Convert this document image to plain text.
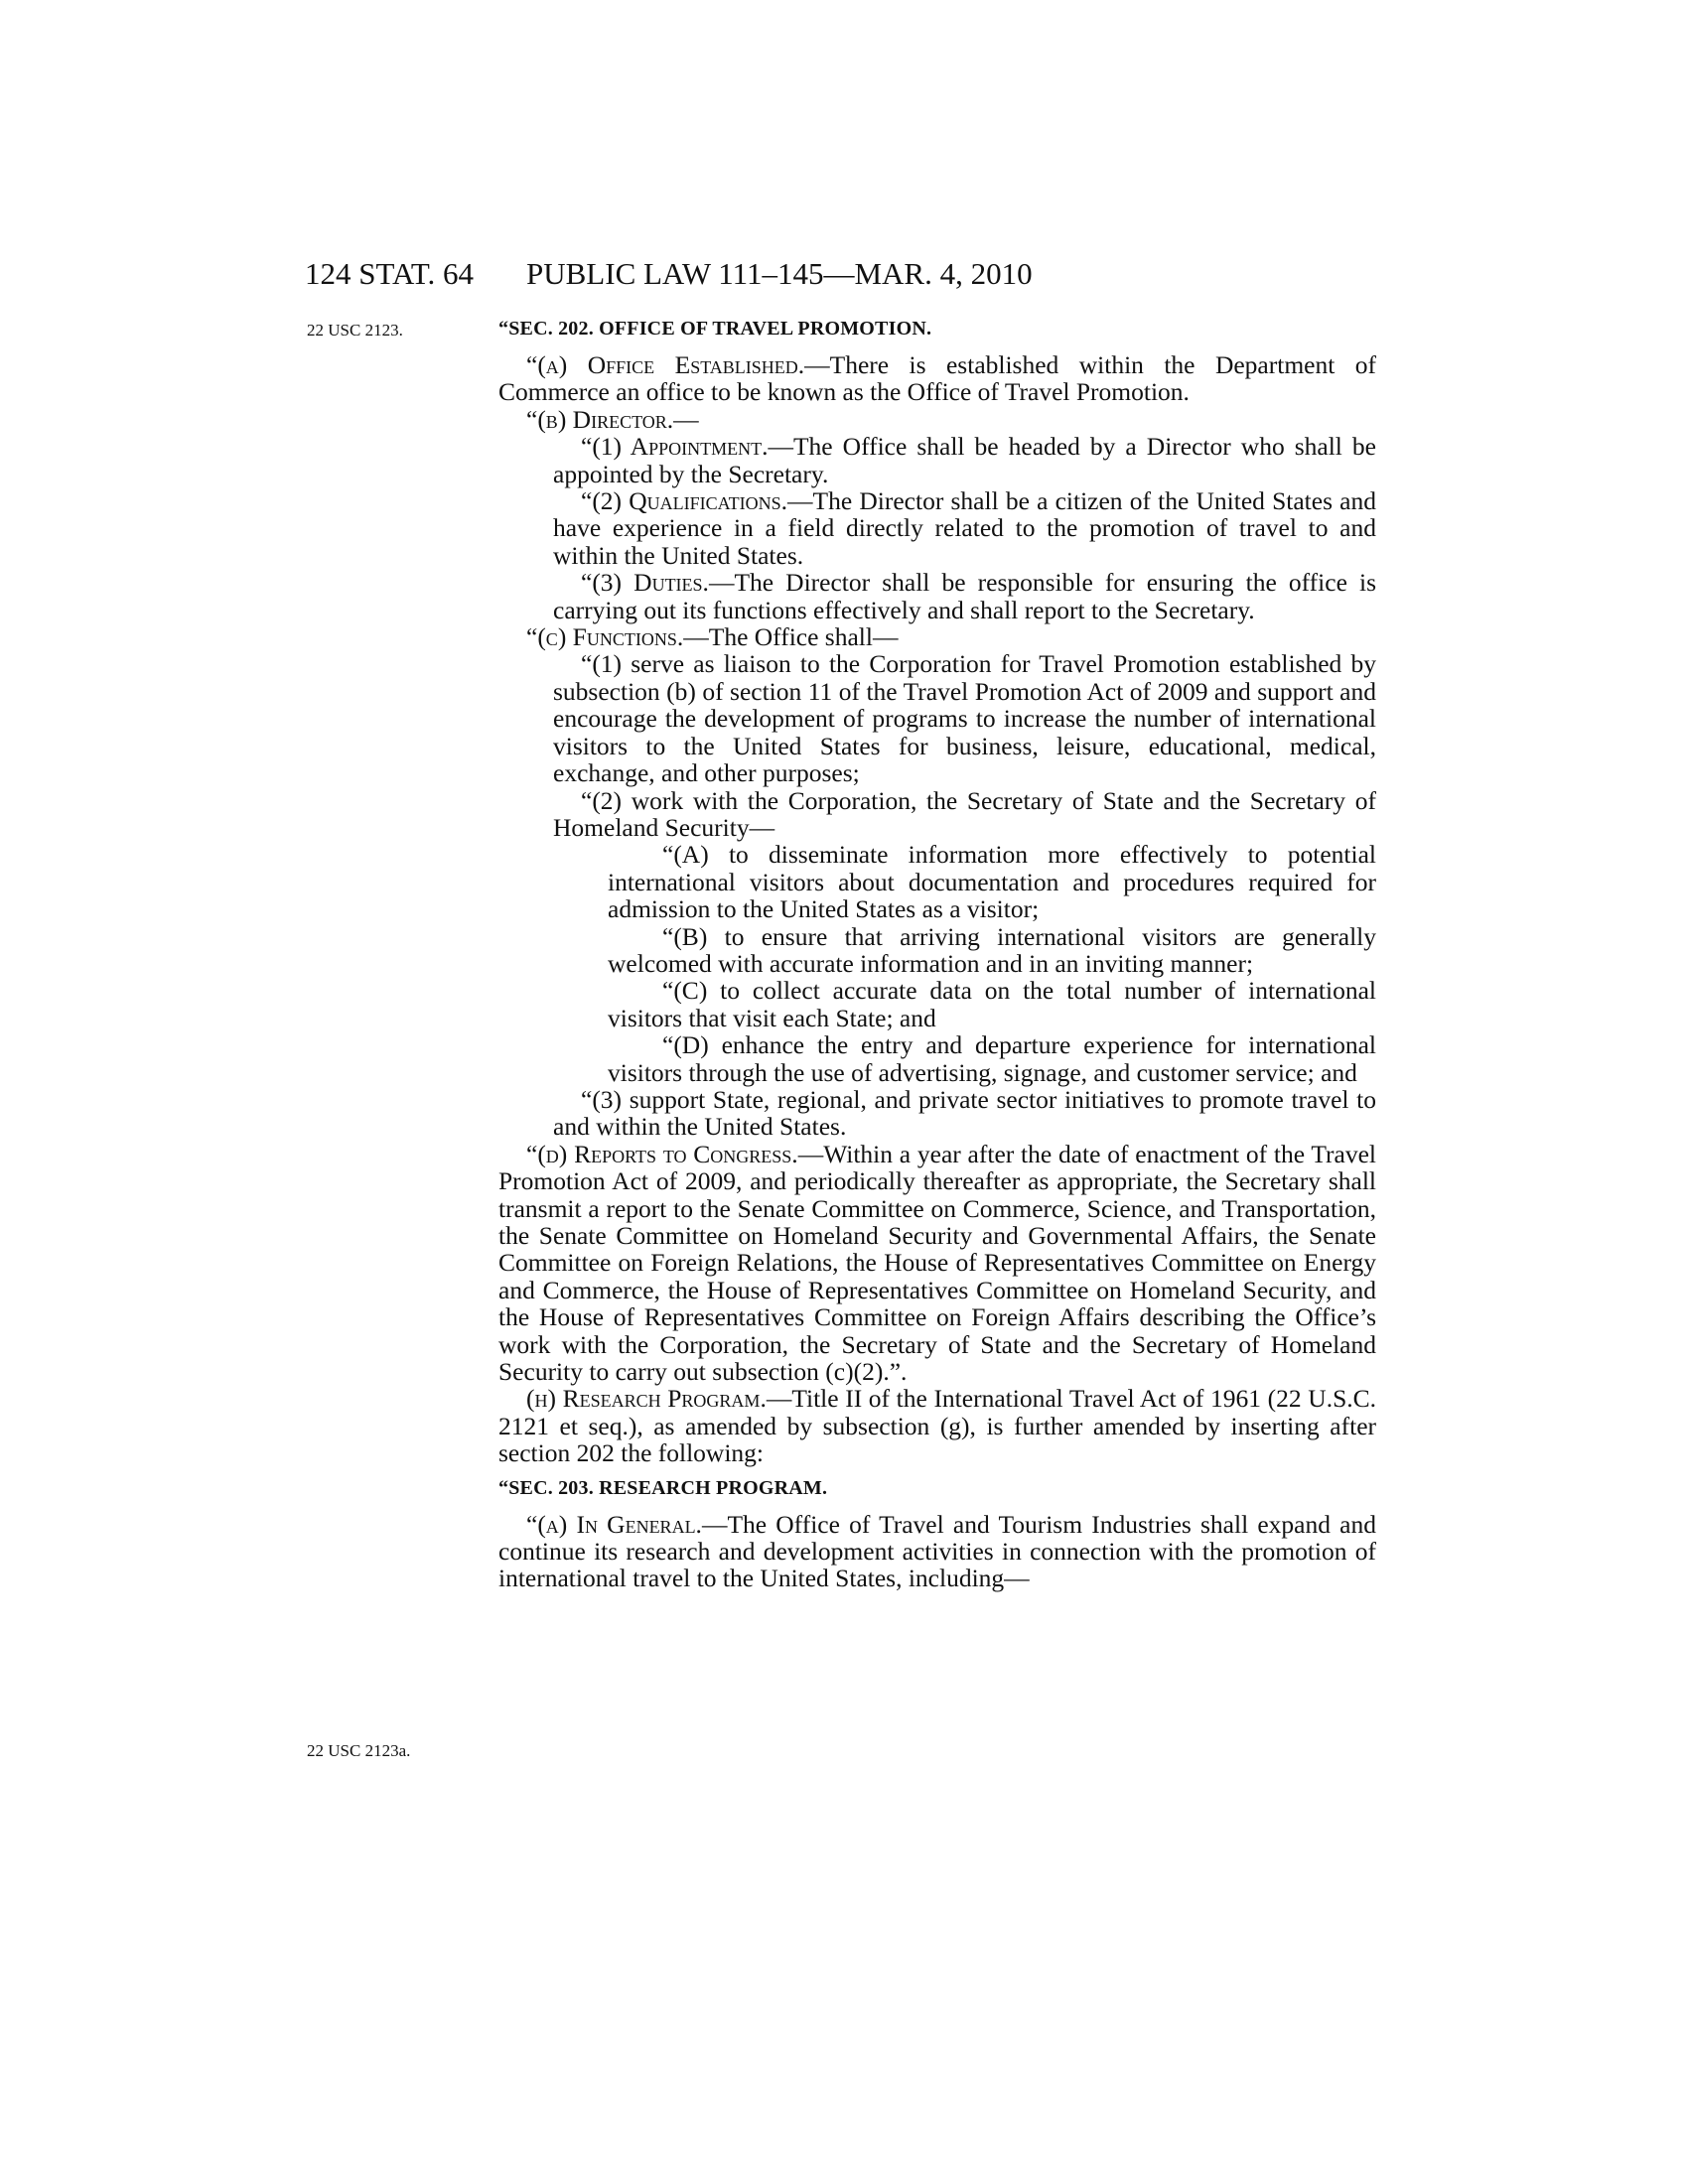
124 STAT. 64 PUBLIC LAW 111–145—MAR. 4, 2010
22 USC 2123.
22 USC 2123a.

“SEC. 202. OFFICE OF TRAVEL PROMOTION.

“(a) Office Established.—There is established within the Department of Commerce an office to be known as the Office of Travel Promotion.

“(b) Director.—

“(1) Appointment.—The Office shall be headed by a Director who shall be appointed by the Secretary.

“(2) Qualifications.—The Director shall be a citizen of the United States and have experience in a field directly related to the promotion of travel to and within the United States.

“(3) Duties.—The Director shall be responsible for ensuring the office is carrying out its functions effectively and shall report to the Secretary.

“(c) Functions.—The Office shall—

“(1) serve as liaison to the Corporation for Travel Promotion established by subsection (b) of section 11 of the Travel Promotion Act of 2009 and support and encourage the development of programs to increase the number of international visitors to the United States for business, leisure, educational, medical, exchange, and other purposes;

“(2) work with the Corporation, the Secretary of State and the Secretary of Homeland Security—

“(A) to disseminate information more effectively to potential international visitors about documentation and procedures required for admission to the United States as a visitor;

“(B) to ensure that arriving international visitors are generally welcomed with accurate information and in an inviting manner;

“(C) to collect accurate data on the total number of international visitors that visit each State; and

“(D) enhance the entry and departure experience for international visitors through the use of advertising, signage, and customer service; and

“(3) support State, regional, and private sector initiatives to promote travel to and within the United States.

“(d) Reports to Congress.—Within a year after the date of enactment of the Travel Promotion Act of 2009, and periodically thereafter as appropriate, the Secretary shall transmit a report to the Senate Committee on Commerce, Science, and Transportation, the Senate Committee on Homeland Security and Governmental Affairs, the Senate Committee on Foreign Relations, the House of Representatives Committee on Energy and Commerce, the House of Representatives Committee on Homeland Security, and the House of Representatives Committee on Foreign Affairs describing the Office’s work with the Corporation, the Secretary of State and the Secretary of Homeland Security to carry out subsection (c)(2).”.

(h) Research Program.—Title II of the International Travel Act of 1961 (22 U.S.C. 2121 et seq.), as amended by subsection (g), is further amended by inserting after section 202 the following:

“SEC. 203. RESEARCH PROGRAM.

“(a) In General.—The Office of Travel and Tourism Industries shall expand and continue its research and development activities in connection with the promotion of international travel to the United States, including—
